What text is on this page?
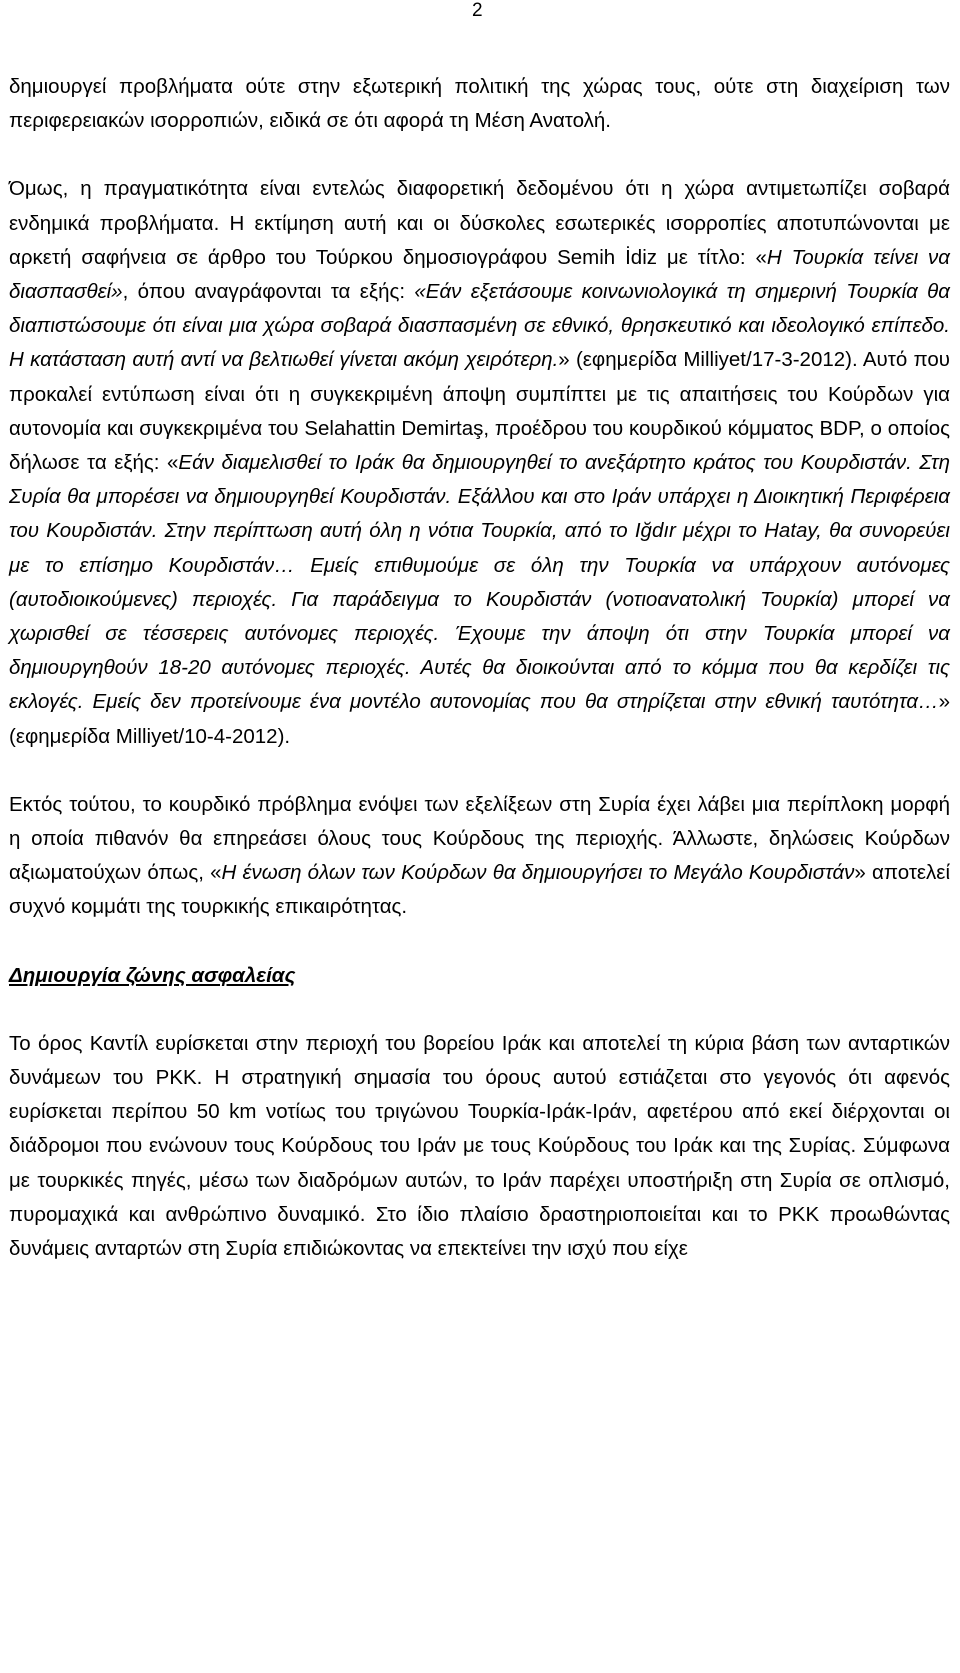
2

δημιουργεί προβλήματα ούτε στην εξωτερική πολιτική της χώρας τους, ούτε στη διαχείριση των περιφερειακών ισορροπιών, ειδικά σε ότι αφορά τη Μέση Ανατολή.

Όμως, η πραγματικότητα είναι εντελώς διαφορετική δεδομένου ότι η χώρα αντιμετωπίζει σοβαρά ενδημικά προβλήματα. Η εκτίμηση αυτή και οι δύσκολες εσωτερικές ισορροπίες αποτυπώνονται με αρκετή σαφήνεια σε άρθρο του Τούρκου δημοσιογράφου Semih İdiz με τίτλο: «Η Τουρκία τείνει να διασπασθεί», όπου αναγράφονται τα εξής: «Εάν εξετάσουμε κοινωνιολογικά τη σημερινή Τουρκία θα διαπιστώσουμε ότι είναι μια χώρα σοβαρά διασπασμένη σε εθνικό, θρησκευτικό και ιδεολογικό επίπεδο. Η κατάσταση αυτή αντί να βελτιωθεί γίνεται ακόμη χειρότερη.» (εφημερίδα Milliyet/17-3-2012). Αυτό που προκαλεί εντύπωση είναι ότι η συγκεκριμένη άποψη συμπίπτει με τις απαιτήσεις του Κούρδων για αυτονομία και συγκεκριμένα του Selahattin Demirtaş, προέδρου του κουρδικού κόμματος BDP, ο οποίος δήλωσε τα εξής: «Εάν διαμελισθεί το Ιράκ θα δημιουργηθεί το ανεξάρτητο κράτος του Κουρδιστάν. Στη Συρία θα μπορέσει να δημιουργηθεί Κουρδιστάν. Εξάλλου και στο Ιράν υπάρχει η Διοικητική Περιφέρεια του Κουρδιστάν. Στην περίπτωση αυτή όλη η νότια Τουρκία, από το Iğdır μέχρι το Hatay, θα συνορεύει με το επίσημο Κουρδιστάν… Εμείς επιθυμούμε σε όλη την Τουρκία να υπάρχουν αυτόνομες (αυτοδιοικούμενες) περιοχές. Για παράδειγμα το Κουρδιστάν (νοτιοανατολική Τουρκία) μπορεί να χωρισθεί σε τέσσερεις αυτόνομες περιοχές. Έχουμε την άποψη ότι στην Τουρκία μπορεί να δημιουργηθούν 18-20 αυτόνομες περιοχές. Αυτές θα διοικούνται από το κόμμα που θα κερδίζει τις εκλογές. Εμείς δεν προτείνουμε ένα μοντέλο αυτονομίας που θα στηρίζεται στην εθνική ταυτότητα…» (εφημερίδα Milliyet/10-4-2012).

Εκτός τούτου, το κουρδικό πρόβλημα ενόψει των εξελίξεων στη Συρία έχει λάβει μια περίπλοκη μορφή η οποία πιθανόν θα επηρεάσει όλους τους Κούρδους της περιοχής. Άλλωστε, δηλώσεις Κούρδων αξιωματούχων όπως, «Η ένωση όλων των Κούρδων θα δημιουργήσει το Μεγάλο Κουρδιστάν» αποτελεί συχνό κομμάτι της τουρκικής επικαιρότητας.

Δημιουργία ζώνης ασφαλείας

Το όρος Καντίλ ευρίσκεται στην περιοχή του βορείου Ιράκ και αποτελεί τη κύρια βάση των ανταρτικών δυνάμεων του PKK. Η στρατηγική σημασία του όρους αυτού εστιάζεται στο γεγονός ότι αφενός ευρίσκεται περίπου 50 km νοτίως του τριγώνου Τουρκία-Ιράκ-Ιράν, αφετέρου από εκεί διέρχονται οι διάδρομοι που ενώνουν τους Κούρδους του Ιράν με τους Κούρδους του Ιράκ και της Συρίας. Σύμφωνα με τουρκικές πηγές, μέσω των διαδρόμων αυτών, το Ιράν παρέχει υποστήριξη στη Συρία σε οπλισμό, πυρομαχικά και ανθρώπινο δυναμικό. Στο ίδιο πλαίσιο δραστηριοποιείται και το PKK προωθώντας δυνάμεις ανταρτών στη Συρία επιδιώκοντας να επεκτείνει την ισχύ που είχε
